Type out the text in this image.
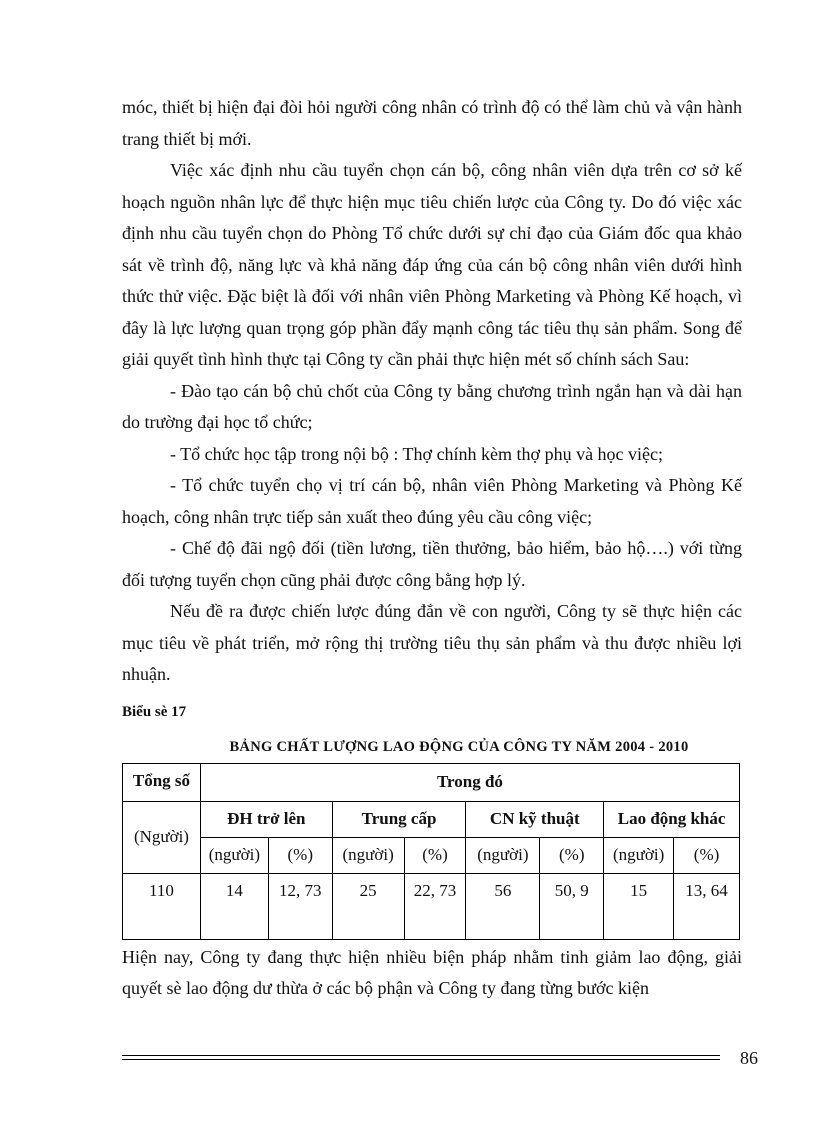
móc, thiết bị hiện đại đòi hỏi người công nhân có trình độ có thể làm chủ và vận hành trang thiết bị mới.

Việc xác định nhu cầu tuyển chọn cán bộ, công nhân viên dựa trên cơ sở kế hoạch nguồn nhân lực để thực hiện mục tiêu chiến lược của Công ty. Do đó việc xác định nhu cầu tuyển chọn do Phòng Tổ chức dưới sự chỉ đạo của Giám đốc qua khảo sát về trình độ, năng lực và khả năng đáp ứng của cán bộ công nhân viên dưới hình thức thử việc. Đặc biệt là đối với nhân viên Phòng Marketing và Phòng Kế hoạch, vì đây là lực lượng quan trọng góp phần đẩy mạnh công tác tiêu thụ sản phẩm. Song để giải quyết tình hình thực tại Công ty cần phải thực hiện mét số chính sách Sau:

- Đào tạo cán bộ chủ chốt của Công ty bằng chương trình ngắn hạn và dài hạn do trường đại học tổ chức;

- Tổ chức học tập trong nội bộ : Thợ chính kèm thợ phụ và học việc;

- Tổ chức tuyển chọ vị trí cán bộ, nhân viên Phòng Marketing và Phòng Kế hoạch, công nhân trực tiếp sản xuất theo đúng yêu cầu công việc;

- Chế độ đãi ngộ đối (tiền lương, tiền thưởng, bảo hiểm, bảo hộ….) với từng đối tượng tuyển chọn cũng phải được công bằng hợp lý.

Nếu đề ra được chiến lược đúng đắn về con người, Công ty sẽ thực hiện các mục tiêu về phát triển, mở rộng thị trường tiêu thụ sản phẩm và thu được nhiều lợi nhuận.

Biểu sè 17
BẢNG CHẤT LƯỢNG LAO ĐỘNG CỦA CÔNG TY NĂM 2004 - 2010
Tổng số	Trong đó							
(Người)	ĐH trở lên		Trung cấp		CN kỹ thuật		Lao động khác	
	(người)	(%)	(người)	(%)	(người)	(%)	(người)	(%)
110	14	12, 73	25	22, 73	56	50, 9	15	13, 64

Hiện nay, Công ty đang thực hiện nhiều biện pháp nhằm tinh giảm lao động, giải quyết sè lao động dư thừa ở các bộ phận và Công ty đang từng bước kiện

86
